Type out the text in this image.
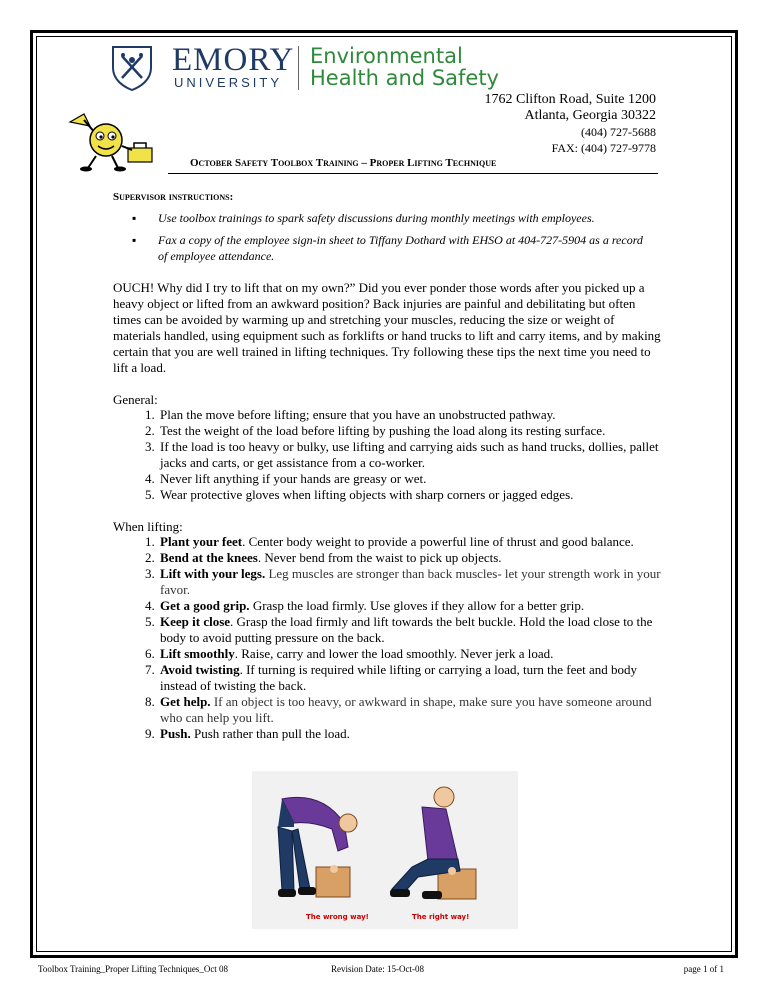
EMORY
UNIVERSITY
Environmental
Health and Safety
1762 Clifton Road, Suite 1200
Atlanta, Georgia 30322
(404) 727-5688
FAX: (404) 727-9778
October Safety Toolbox Training – Proper Lifting Technique
Supervisor instructions:
▪ Use toolbox trainings to spark safety discussions during monthly meetings with employees.
▪ Fax a copy of the employee sign-in sheet to Tiffany Dothard with EHSO at 404-727-5904 as a record of employee attendance.
OUCH! Why did I try to lift that on my own?” Did you ever ponder those words after you picked up a heavy object or lifted from an awkward position? Back injuries are painful and debilitating but often times can be avoided by warming up and stretching your muscles, reducing the size or weight of materials handled, using equipment such as forklifts or hand trucks to lift and carry items, and by making certain that you are well trained in lifting techniques. Try following these tips the next time you need to lift a load.
General:
1. Plan the move before lifting; ensure that you have an unobstructed pathway.
2. Test the weight of the load before lifting by pushing the load along its resting surface.
3. If the load is too heavy or bulky, use lifting and carrying aids such as hand trucks, dollies, pallet jacks and carts, or get assistance from a co-worker.
4. Never lift anything if your hands are greasy or wet.
5. Wear protective gloves when lifting objects with sharp corners or jagged edges.
When lifting:
1. Plant your feet. Center body weight to provide a powerful line of thrust and good balance.
2. Bend at the knees. Never bend from the waist to pick up objects.
3. Lift with your legs. Leg muscles are stronger than back muscles- let your strength work in your favor.
4. Get a good grip. Grasp the load firmly. Use gloves if they allow for a better grip.
5. Keep it close. Grasp the load firmly and lift towards the belt buckle. Hold the load close to the body to avoid putting pressure on the back.
6. Lift smoothly. Raise, carry and lower the load smoothly. Never jerk a load.
7. Avoid twisting. If turning is required while lifting or carrying a load, turn the feet and body instead of twisting the back.
8. Get help. If an object is too heavy, or awkward in shape, make sure you have someone around who can help you lift.
9. Push. Push rather than pull the load.
The wrong way!	The right way!
Toolbox Training_Proper Lifting Techniques_Oct 08	Revision Date: 15-Oct-08	page 1 of 1
